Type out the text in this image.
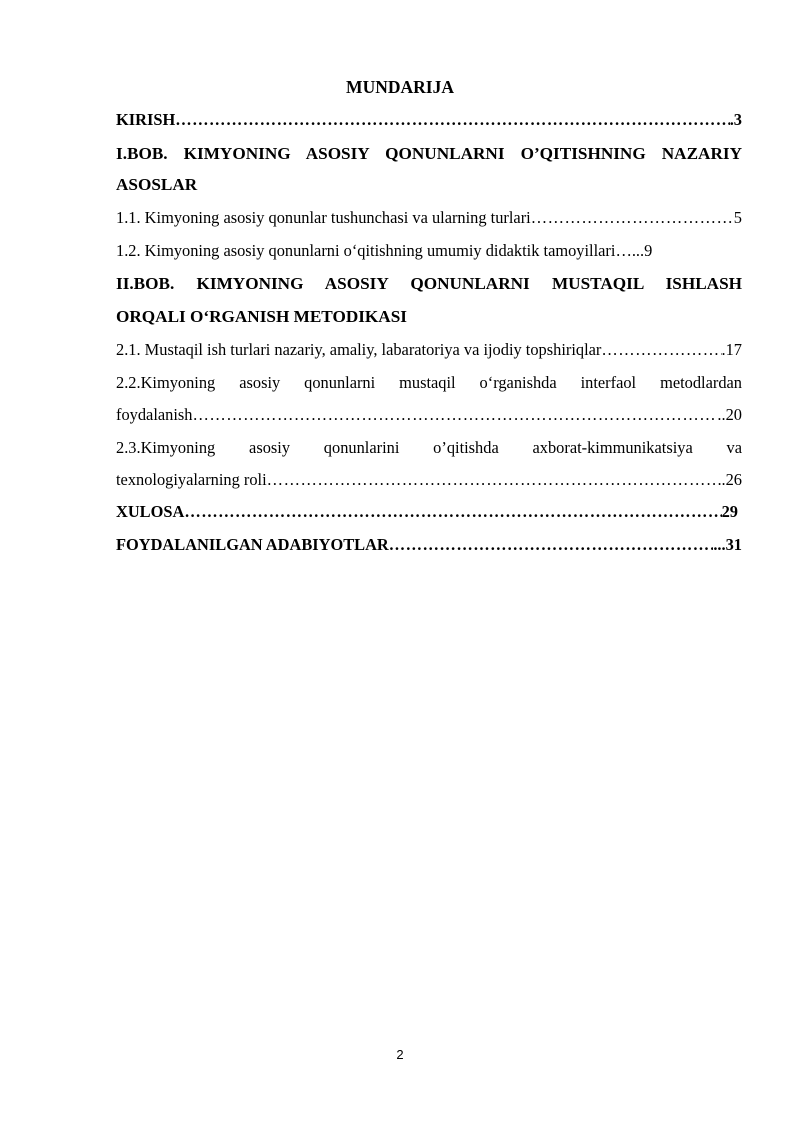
MUNDARIJA
KIRISH ……………………………………………………………………………………………………………………………………………………………	.3
I.BOB. KIMYONING ASOSIY QONUNLARNI O’QITISHNING NAZARIY
ASOSLAR
1.1. Kimyoning asosiy qonunlar tushunchasi va ularning turlari ……………………………………………………………………………………………………………………………………………………………	5
1.2. Kimyoning asosiy qonunlarni o‘qitishning umumiy didaktik tamoyillari…...9
II.BOB. KIMYONING ASOSIY QONUNLARNI MUSTAQIL ISHLASH
ORQALI O‘RGANISH METODIKASI
2.1. Mustaqil ish turlari nazariy, amaliy, labaratoriya va ijodiy topshiriqlar ……………………………………………………………………………………………………………………………………………………………	.17
2.2.Kimyoning asosiy qonunlarni mustaqil o‘rganishda interfaol metodlardan
foydalanish ……………………………………………………………………………………………………………………………………………………………	..20
2.3.Kimyoning asosiy qonunlarini o’qitishda axborat-kimmunikatsiya va
texnologiyalarning roli ……………………………………………………………………………………………………………………………………………………………	.26
XULOSA ……………………………………………………………………………………………………………………………………………………………	29
FOYDALANILGAN ADABIYOTLAR ……………………………………………………………………………………………………………………………………………………………	...31
2
